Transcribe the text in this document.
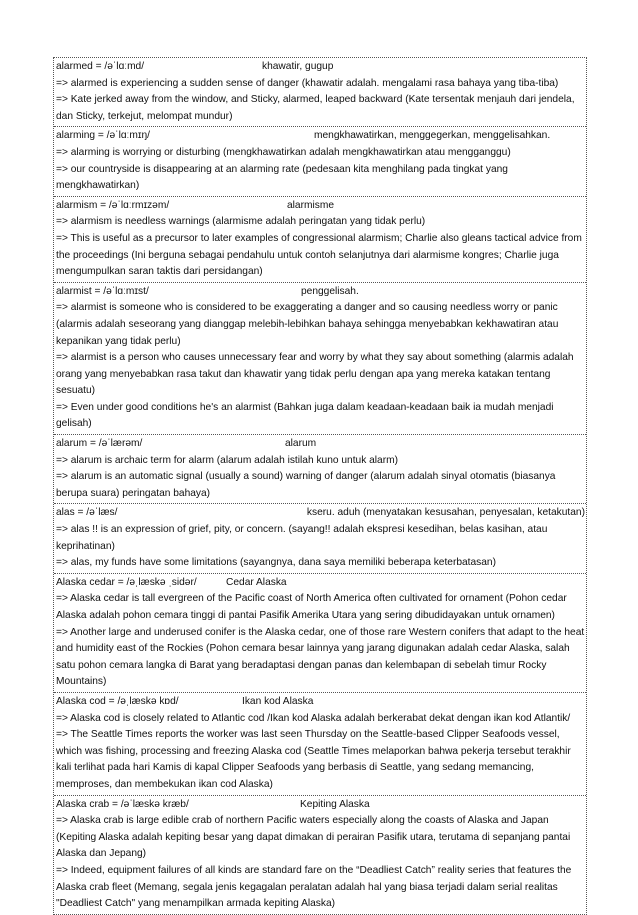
alarmed = /əˈlɑːmd/	khawatir, gugup
=> alarmed is experiencing a sudden sense of danger (khawatir adalah. mengalami rasa bahaya yang tiba-tiba)
=> Kate jerked away from the window, and Sticky, alarmed, leaped backward (Kate tersentak menjauh dari jendela, dan Sticky, terkejut, melompat mundur)
alarming = /əˈlɑːmɪŋ/	mengkhawatirkan, menggegerkan, menggelisahkan.
=> alarming is worrying or disturbing (mengkhawatirkan adalah mengkhawatirkan atau mengganggu)
=> our countryside is disappearing at an alarming rate (pedesaan kita menghilang pada tingkat yang mengkhawatirkan)
alarmism = /əˈlɑːrmɪzəm/	alarmisme
=> alarmism is needless warnings (alarmisme adalah peringatan yang tidak perlu)
=> This is useful as a precursor to later examples of congressional alarmism; Charlie also gleans tactical advice from the proceedings (Ini berguna sebagai pendahulu untuk contoh selanjutnya dari alarmisme kongres; Charlie juga mengumpulkan saran taktis dari persidangan)
alarmist = /əˈlɑːmɪst/	penggelisah.
=> alarmist is someone who is considered to be exaggerating a danger and so causing needless worry or panic (alarmis adalah seseorang yang dianggap melebih-lebihkan bahaya sehingga menyebabkan kekhawatiran atau kepanikan yang tidak perlu)
=> alarmist is a person who causes unnecessary fear and worry by what they say about something (alarmis adalah orang yang menyebabkan rasa takut dan khawatir yang tidak perlu dengan apa yang mereka katakan tentang sesuatu)
=> Even under good conditions he's an alarmist (Bahkan juga dalam keadaan-keadaan baik ia mudah menjadi gelisah)
alarum = /əˈlærəm/	alarum
=> alarum is archaic term for alarm (alarum adalah istilah kuno untuk alarm)
=> alarum is an automatic signal (usually a sound) warning of danger (alarum adalah sinyal otomatis (biasanya berupa suara) peringatan bahaya)
alas = /əˈlæs/	kseru. aduh (menyatakan kesusahan, penyesalan, ketakutan)
=> alas !! is an expression of grief, pity, or concern. (sayang!! adalah ekspresi kesedihan, belas kasihan, atau keprihatinan)
=> alas, my funds have some limitations (sayangnya, dana saya memiliki beberapa keterbatasan)
Alaska cedar = /əˌlæskə ˌsidər/	Cedar Alaska
=> Alaska cedar is tall evergreen of the Pacific coast of North America often cultivated for ornament (Pohon cedar Alaska adalah pohon cemara tinggi di pantai Pasifik Amerika Utara yang sering dibudidayakan untuk ornamen)
=> Another large and underused conifer is the Alaska cedar, one of those rare Western conifers that adapt to the heat and humidity east of the Rockies (Pohon cemara besar lainnya yang jarang digunakan adalah cedar Alaska, salah satu pohon cemara langka di Barat yang beradaptasi dengan panas dan kelembapan di sebelah timur Rocky Mountains)
Alaska cod = /əˌlæskə kɒd/	Ikan kod Alaska
=> Alaska cod is closely related to Atlantic cod /Ikan kod Alaska adalah berkerabat dekat dengan ikan kod Atlantik/
=> The Seattle Times reports the worker was last seen Thursday on the Seattle-based Clipper Seafoods vessel, which was fishing, processing and freezing Alaska cod (Seattle Times melaporkan bahwa pekerja tersebut terakhir kali terlihat pada hari Kamis di kapal Clipper Seafoods yang berbasis di Seattle, yang sedang memancing, memproses, dan membekukan ikan cod Alaska)
Alaska crab = /əˈlæskə kræb/	Kepiting Alaska
=> Alaska crab is large edible crab of northern Pacific waters especially along the coasts of Alaska and Japan (Kepiting Alaska adalah kepiting besar yang dapat dimakan di perairan Pasifik utara, terutama di sepanjang pantai Alaska dan Jepang)
=> Indeed, equipment failures of all kinds are standard fare on the “Deadliest Catch” reality series that features the Alaska crab fleet (Memang, segala jenis kegagalan peralatan adalah hal yang biasa terjadi dalam serial realitas "Deadliest Catch" yang menampilkan armada kepiting Alaska)
